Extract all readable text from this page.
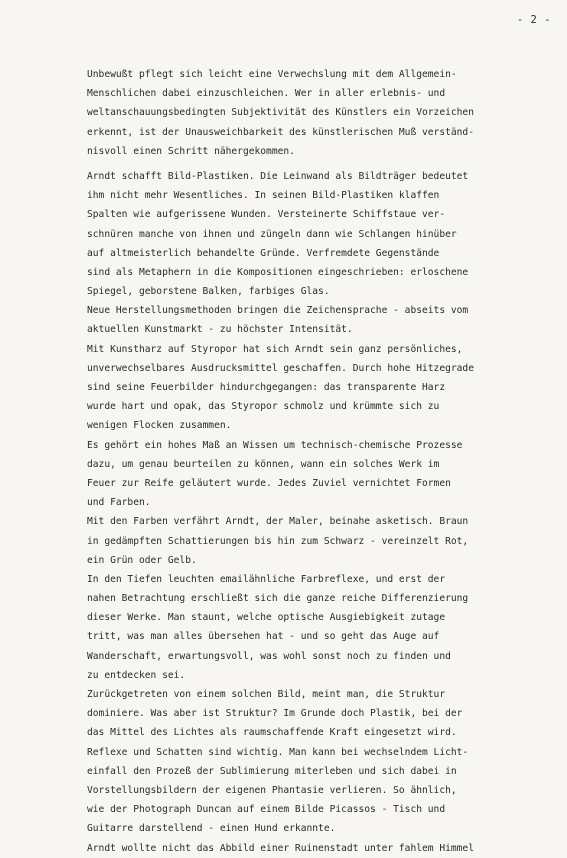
- 2 -
Unbewußt pflegt sich leicht eine Verwechslung mit dem Allgemein-
Menschlichen dabei einzuschleichen. Wer in aller erlebnis- und
weltanschauungsbedingten Subjektivität des Künstlers ein Vorzeichen
erkennt, ist der Unausweichbarkeit des künstlerischen Muß verständ-
nisvoll einen Schritt nähergekommen.
Arndt schafft Bild-Plastiken. Die Leinwand als Bildträger bedeutet
ihm nicht mehr Wesentliches. In seinen Bild-Plastiken klaffen
Spalten wie aufgerissene Wunden. Versteinerte Schiffstaue ver-
schnüren manche von ihnen und züngeln dann wie Schlangen hinüber
auf altmeisterlich behandelte Gründe. Verfremdete Gegenstände
sind als Metaphern in die Kompositionen eingeschrieben: erloschene
Spiegel, geborstene Balken, farbiges Glas.
Neue Herstellungsmethoden bringen die Zeichensprache - abseits vom
aktuellen Kunstmarkt - zu höchster Intensität.
Mit Kunstharz auf Styropor hat sich Arndt sein ganz persönliches,
unverwechselbares Ausdrucksmittel geschaffen. Durch hohe Hitzegrade
sind seine Feuerbilder hindurchgegangen: das transparente Harz
wurde hart und opak, das Styropor schmolz und krümmte sich zu
wenigen Flocken zusammen.
Es gehört ein hohes Maß an Wissen um technisch-chemische Prozesse
dazu, um genau beurteilen zu können, wann ein solches Werk im
Feuer zur Reife geläutert wurde. Jedes Zuviel vernichtet Formen
und Farben.
Mit den Farben verfährt Arndt, der Maler, beinahe asketisch. Braun
in gedämpften Schattierungen bis hin zum Schwarz - vereinzelt Rot,
ein Grün oder Gelb.
In den Tiefen leuchten emailähnliche Farbreflexe, und erst der
nahen Betrachtung erschließt sich die ganze reiche Differenzierung
dieser Werke. Man staunt, welche optische Ausgiebigkeit zutage
tritt, was man alles übersehen hat - und so geht das Auge auf
Wanderschaft, erwartungsvoll, was wohl sonst noch zu finden und
zu entdecken sei.
Zurückgetreten von einem solchen Bild, meint man, die Struktur
dominiere. Was aber ist Struktur? Im Grunde doch Plastik, bei der
das Mittel des Lichtes als raumschaffende Kraft eingesetzt wird.
Reflexe und Schatten sind wichtig. Man kann bei wechselndem Licht-
einfall den Prozeß der Sublimierung miterleben und sich dabei in
Vorstellungsbildern der eigenen Phantasie verlieren. So ähnlich,
wie der Photograph Duncan auf einem Bilde Picassos - Tisch und
Guitarre darstellend - einen Hund erkannte.
Arndt wollte nicht das Abbild einer Ruinenstadt unter fahlem Himmel
